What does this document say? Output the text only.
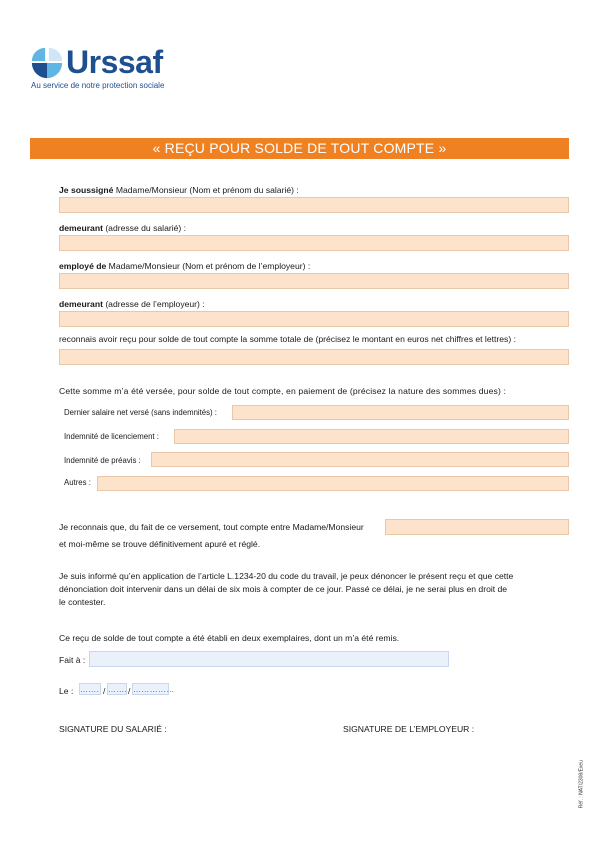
Urssaf
Au service de notre protection sociale
« REÇU POUR SOLDE DE TOUT COMPTE »
Je soussigné Madame/Monsieur (Nom et prénom du salarié) :
demeurant (adresse du salarié) :
employé de Madame/Monsieur (Nom et prénom de l’employeur) :
demeurant (adresse de l’employeur) :
reconnais avoir reçu pour solde de tout compte la somme totale de (précisez le montant en euros net chiffres et lettres) :
Cette somme m’a été versée, pour solde de tout compte, en paiement de (précisez la nature des sommes dues) :
Dernier salaire net versé (sans indemnités) :
Indemnité de licenciement :
Indemnité de préavis :
Autres :
Je reconnais que, du fait de ce versement, tout compte entre Madame/Monsieur
et moi-même se trouve définitivement apuré et réglé.
Je suis informé qu’en application de l’article L.1234-20 du code du travail, je peux dénoncer le présent reçu et que cette
dénonciation doit intervenir dans un délai de six mois à compter de ce jour. Passé ce délai, je ne serai plus en droit de
le contester.
Ce reçu de solde de tout compte a été établi en deux exemplaires, dont un m’a été remis.
Fait à :
Le : ……. / ……. / ……………
SIGNATURE DU SALARIÉ :	SIGNATURE DE L’EMPLOYEUR :
Réf. : NAT/2308/Exeu
